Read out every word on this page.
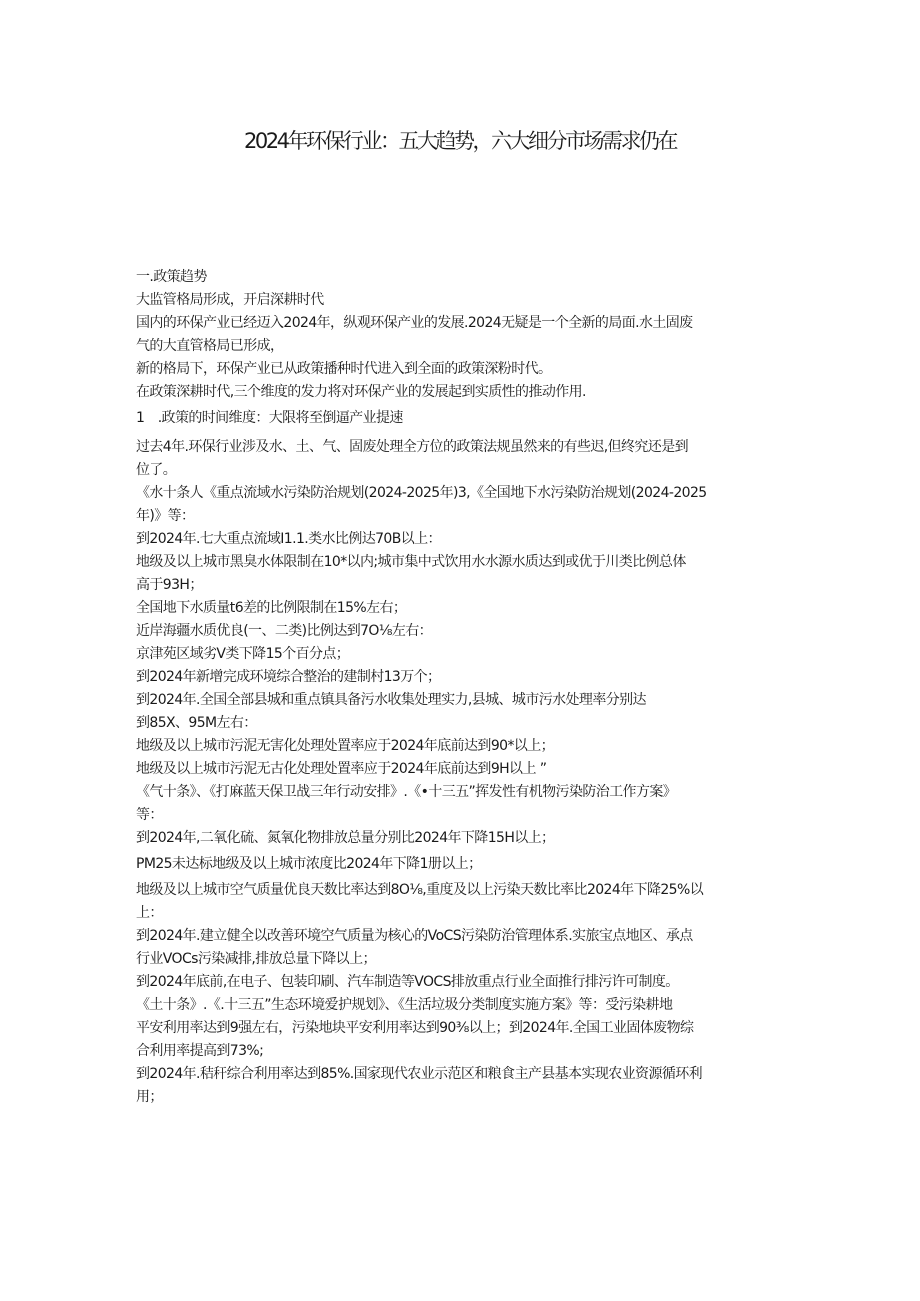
2024年环保行业：五大趋势，六大细分市场需求仍在
一.政策趋势
大监管格局形成，开启深耕时代
国内的环保产业已经迈入2024年，纵观环保产业的发展.2024无疑是一个全新的局面.水土固废
气的大直管格局已形成，
新的格局下，环保产业已从政策播种时代进入到全面的政策深粉时代。
在政策深耕时代,三个维度的发力将对环保产业的发展起到实质性的推动作用.
1　.政策的时间维度：大限将至倒逼产业提速
过去4年.环保行业涉及水、土、气、固废处理全方位的政策法规虽然来的有些迟,但终究还是到
位了。
《水十条人《重点流域水污染防治规划(2024-2025年)3,《全国地下水污染防治规划(2024-2025
年)》等：
到2024年.七大重点流域I1.1.类水比例达70B以上：
地级及以上城市黑臭水体限制在10*以内;城市集中式饮用水水源水质达到或优于川类比例总体
高于93H；
全国地下水质量t6差的比例限制在15%左右；
近岸海疆水质优良(一、二类)比例达到7O⅛左右：
京津苑区域劣V类下降15个百分点；
到2024年新增完成环境综合整治的建制村13万个；
到2024年.全国全部县城和重点镇具备污水收集处理实力,县城、城市污水处理率分别达
到85X、95M左右：
地级及以上城市污泥无害化处理处置率应于2024年底前达到90*以上；
地级及以上城市污泥无古化处理处置率应于2024年底前达到9H以上 ”
《气十条》、《打麻蓝天保卫战三年行动安排》.《•十三五”挥发性有机物污染防治工作方案》
等：
到2024年,二氧化硫、氮氧化物排放总量分别比2024年下降15H以上；
PM25未达标地级及以上城市浓度比2024年下降1册以上；
地级及以上城市空气质量优良天数比率达到8O⅛,重度及以上污染天数比率比2024年下降25%以
上：
到2024年.建立健全以改善环境空气质量为核心的VoCS污染防治管理体系.实旅宝点地区、承点
行业VOCs污染减排,排放总量下降以上；
到2024年底前,在电子、包装印刷、汽车制造等VOCS排放重点行业全面推行排污许可制度。
《土十条》.《.十三五”生态环境爱护规划》、《生活垃圾分类制度实施方案》等：受污染耕地
平安利用率达到9强左右，污染地块平安利用率达到90⅜以上；到2024年.全国工业固体废物综
合利用率提高到73%;
到2024年.秸秆综合利用率达到85%.国家现代农业示范区和粮食主产县基本实现农业资源循环利
用；
